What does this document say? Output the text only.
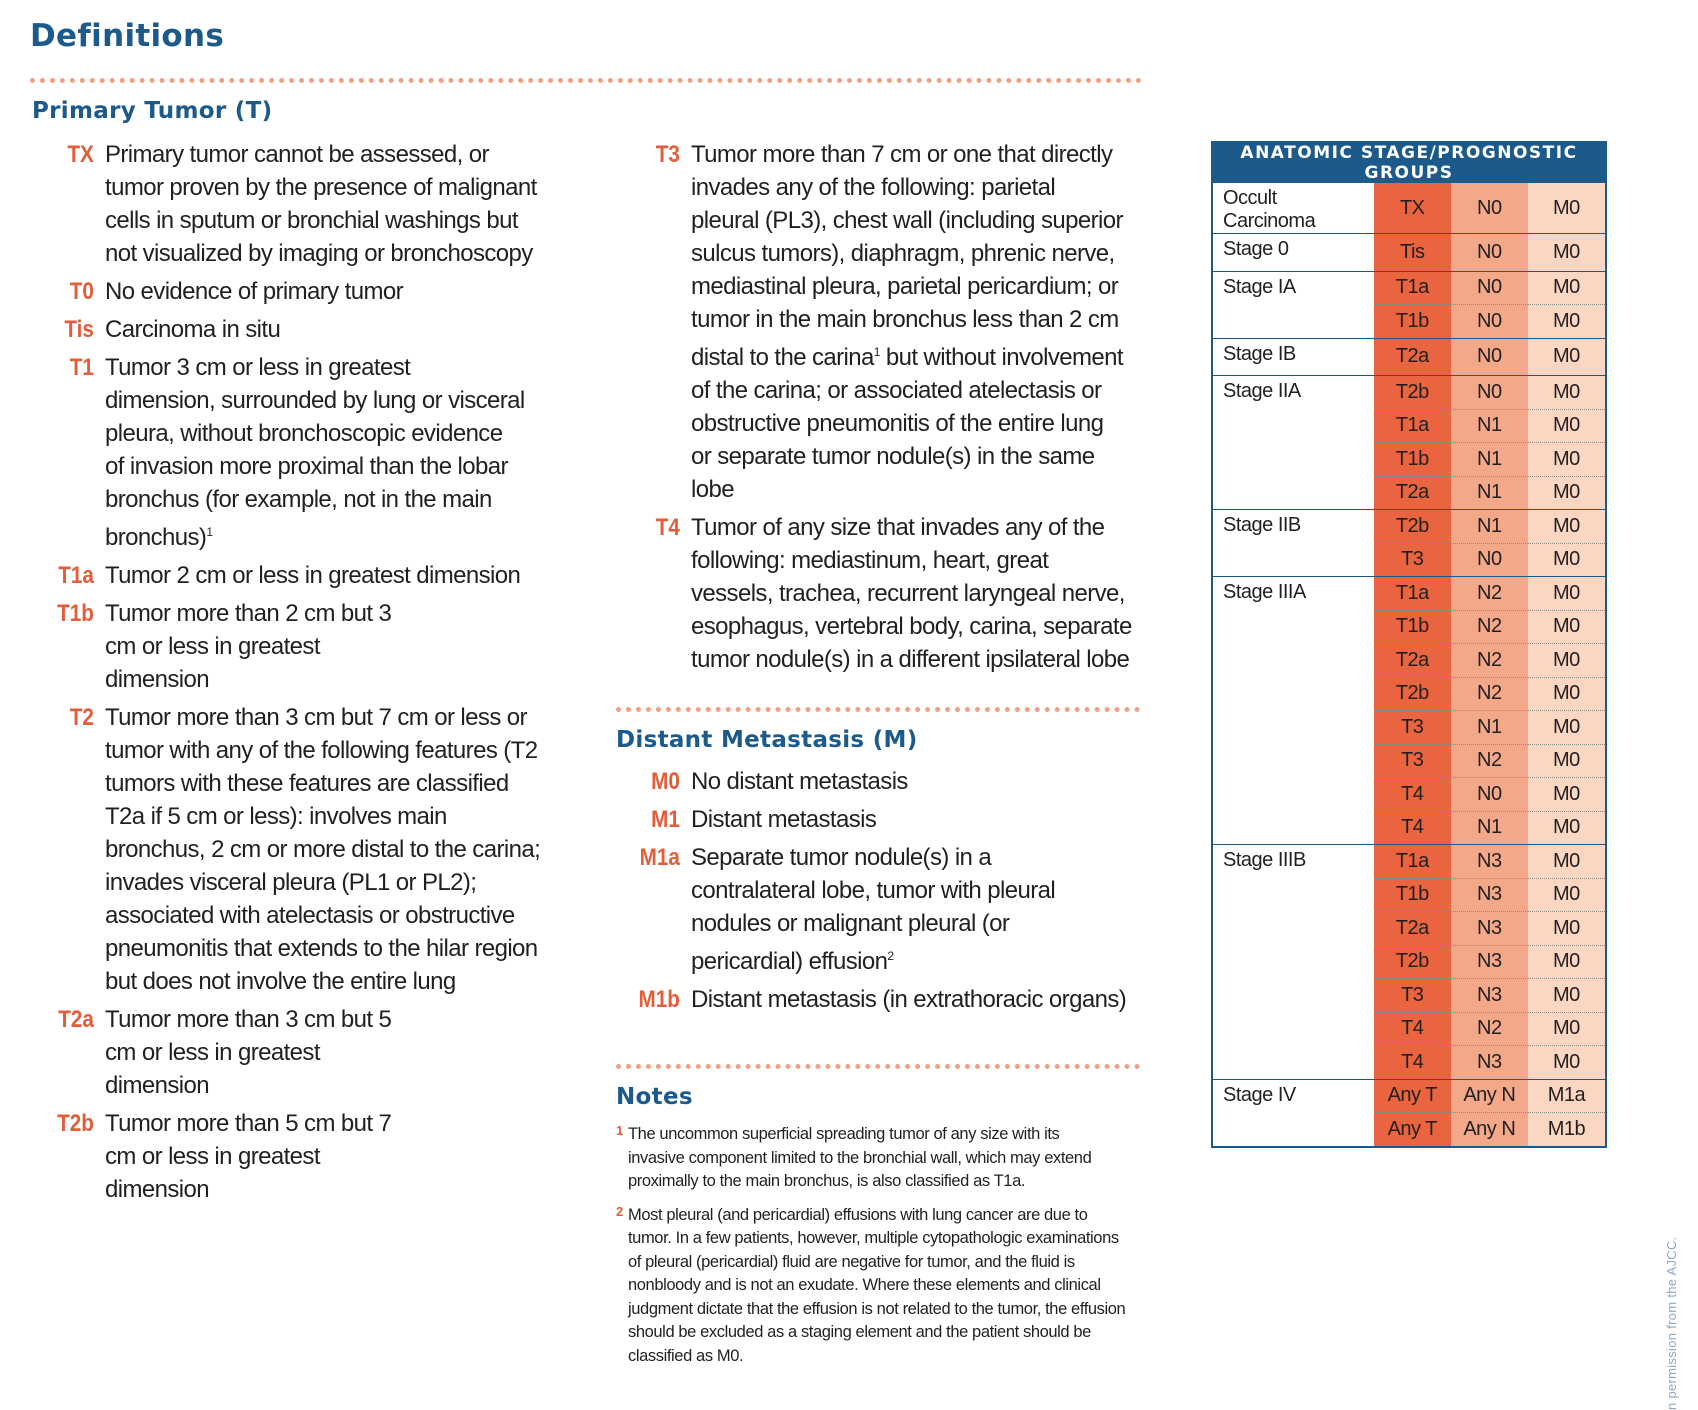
Definitions
Primary Tumor (T)
TX Primary tumor cannot be assessed, or tumor proven by the presence of malignant cells in sputum or bronchial washings but not visualized by imaging or bronchoscopy
T0 No evidence of primary tumor
Tis Carcinoma in situ
T1 Tumor 3 cm or less in greatest dimension, surrounded by lung or visceral pleura, without bronchoscopic evidence of invasion more proximal than the lobar bronchus (for example, not in the main bronchus)$^1$
T1a Tumor 2 cm or less in greatest dimension
T1b Tumor more than 2 cm but 3 cm or less in greatest dimension
T2 Tumor more than 3 cm but 7 cm or less or tumor with any of the following features (T2 tumors with these features are classified T2a if 5 cm or less): involves main bronchus, 2 cm or more distal to the carina; invades visceral pleura (PL1 or PL2); associated with atelectasis or obstructive pneumonitis that extends to the hilar region but does not involve the entire lung
T2a Tumor more than 3 cm but 5 cm or less in greatest dimension
T2b Tumor more than 5 cm but 7 cm or less in greatest dimension
T3 Tumor more than 7 cm or one that directly invades any of the following: parietal pleural (PL3), chest wall (including superior sulcus tumors), diaphragm, phrenic nerve, mediastinal pleura, parietal pericardium; or tumor in the main bronchus less than 2 cm distal to the carina$^1$ but without involvement of the carina; or associated atelectasis or obstructive pneumonitis of the entire lung or separate tumor nodule(s) in the same lobe
T4 Tumor of any size that invades any of the following: mediastinum, heart, great vessels, trachea, recurrent laryngeal nerve, esophagus, vertebral body, carina, separate tumor nodule(s) in a different ipsilateral lobe
Distant Metastasis (M)
M0 No distant metastasis
M1 Distant metastasis
M1a Separate tumor nodule(s) in a contralateral lobe, tumor with pleural nodules or malignant pleural (or pericardial) effusion$^2$
M1b Distant metastasis (in extrathoracic organs)
Notes
1 The uncommon superficial spreading tumor of any size with its invasive component limited to the bronchial wall, which may extend proximally to the main bronchus, is also classified as T1a.
2 Most pleural (and pericardial) effusions with lung cancer are due to tumor. In a few patients, however, multiple cytopathologic examinations of pleural (pericardial) fluid are negative for tumor, and the fluid is nonbloody and is not an exudate. Where these elements and clinical judgment dictate that the effusion is not related to the tumor, the effusion should be excluded as a staging element and the patient should be classified as M0.
ANATOMIC STAGE/PROGNOSTIC GROUPS			
Occult Carcinoma	TX	N0	M0
Stage 0	Tis	N0	M0
Stage IA	T1a	N0	M0
	T1b	N0	M0
Stage IB	T2a	N0	M0
Stage IIA	T2b	N0	M0
	T1a	N1	M0
	T1b	N1	M0
	T2a	N1	M0
Stage IIB	T2b	N1	M0
	T3	N0	M0
Stage IIIA	T1a	N2	M0
	T1b	N2	M0
	T2a	N2	M0
	T2b	N2	M0
	T3	N1	M0
	T3	N2	M0
	T4	N0	M0
	T4	N1	M0
Stage IIIB	T1a	N3	M0
	T1b	N3	M0
	T2a	N3	M0
	T2b	N3	M0
	T3	N3	M0
	T4	N2	M0
	T4	N3	M0
Stage IV	Any T	Any N	M1a
	Any T	Any N	M1b
n permission from the AJCC.
